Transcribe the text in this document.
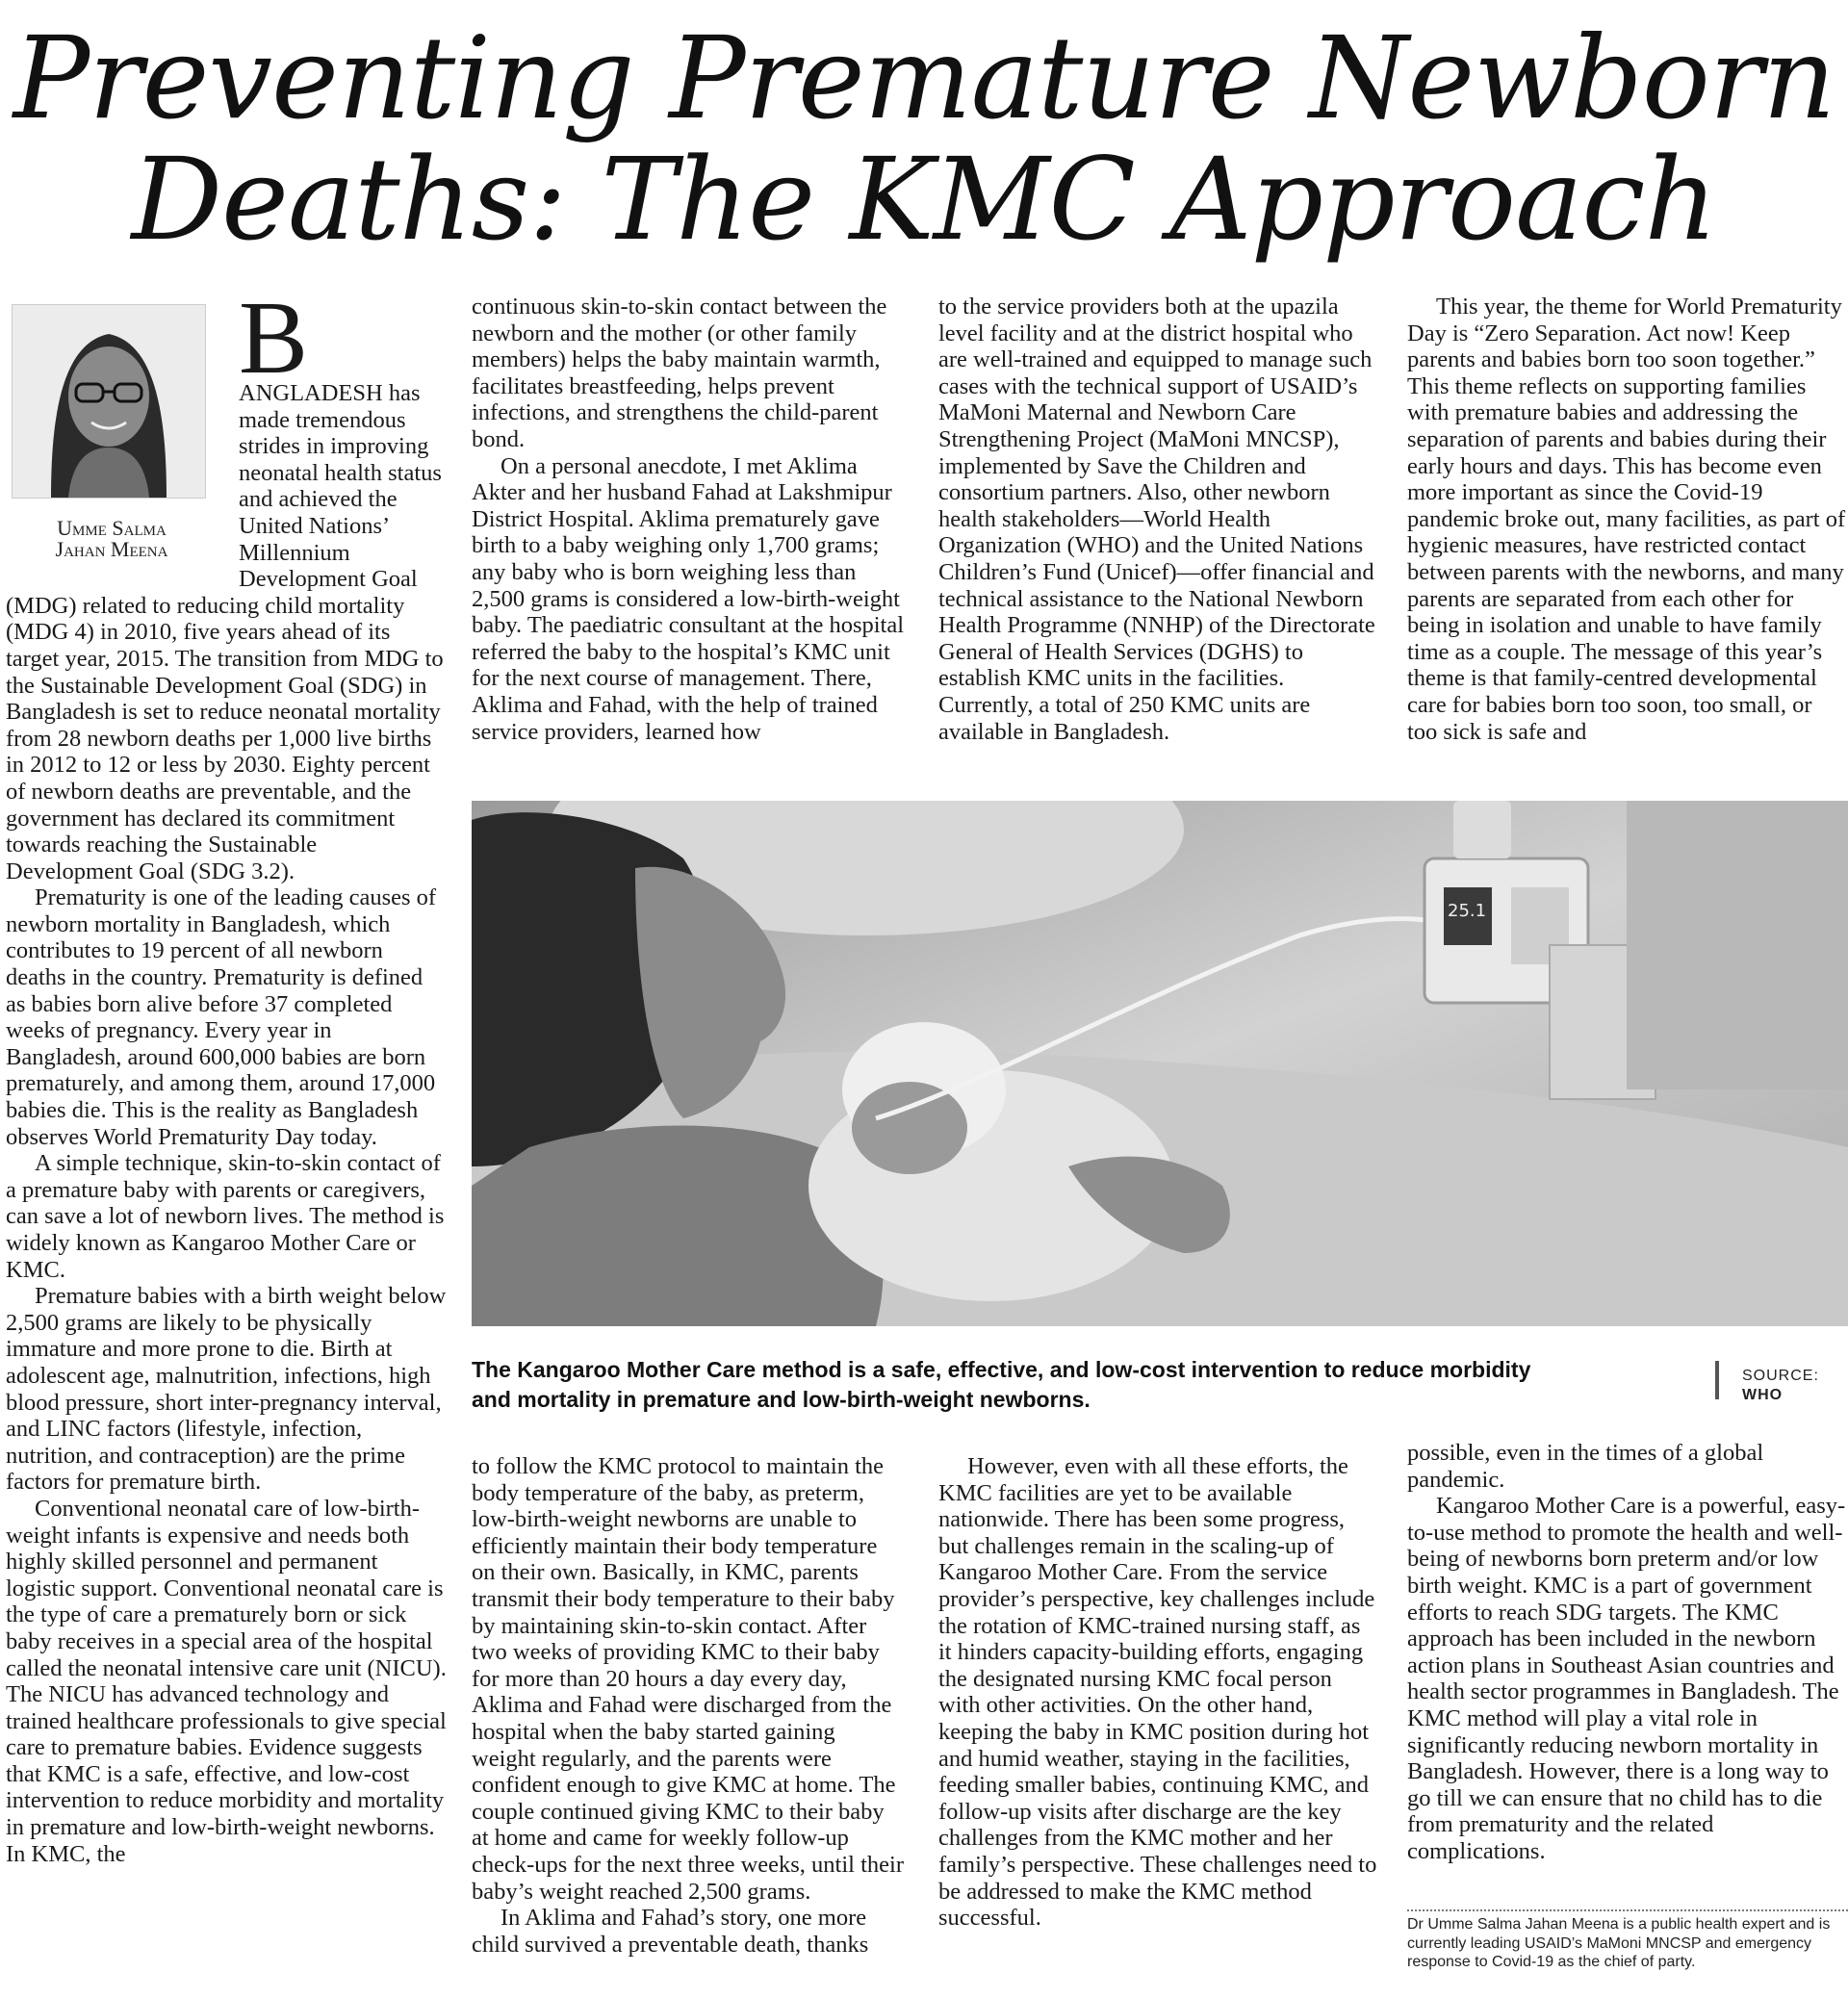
Preventing Premature Newborn
Deaths: The KMC Approach
Umme Salma
Jahan Meena

B
ANGLADESH has made tremendous strides in improving neonatal health status and achieved the United Nations’ Millennium Development Goal (MDG) related to reducing child mortality (MDG 4) in 2010, five years ahead of its target year, 2015. The transition from MDG to the Sustainable Development Goal (SDG) in Bangladesh is set to reduce neonatal mortality from 28 newborn deaths per 1,000 live births in 2012 to 12 or less by 2030. Eighty percent of newborn deaths are preventable, and the government has declared its commitment towards reaching the Sustainable Development Goal (SDG 3.2).

Prematurity is one of the leading causes of newborn mortality in Bangladesh, which contributes to 19 percent of all newborn deaths in the country. Prematurity is defined as babies born alive before 37 completed weeks of pregnancy. Every year in Bangladesh, around 600,000 babies are born prematurely, and among them, around 17,000 babies die. This is the reality as Bangladesh observes World Prematurity Day today.

A simple technique, skin-to-skin contact of a premature baby with parents or caregivers, can save a lot of newborn lives. The method is widely known as Kangaroo Mother Care or KMC.

Premature babies with a birth weight below 2,500 grams are likely to be physically immature and more prone to die. Birth at adolescent age, malnutrition, infections, high blood pressure, short inter-pregnancy interval, and LINC factors (lifestyle, infection, nutrition, and contraception) are the prime factors for premature birth.

Conventional neonatal care of low-birth-weight infants is expensive and needs both highly skilled personnel and permanent logistic support. Conventional neonatal care is the type of care a prematurely born or sick baby receives in a special area of the hospital called the neonatal intensive care unit (NICU). The NICU has advanced technology and trained healthcare professionals to give special care to premature babies. Evidence suggests that KMC is a safe, effective, and low-cost intervention to reduce morbidity and mortality in premature and low-birth-weight newborns. In KMC, the

continuous skin-to-skin contact between the newborn and the mother (or other family members) helps the baby maintain warmth, facilitates breastfeeding, helps prevent infections, and strengthens the child-parent bond.

On a personal anecdote, I met Aklima Akter and her husband Fahad at Lakshmipur District Hospital. Aklima prematurely gave birth to a baby weighing only 1,700 grams; any baby who is born weighing less than 2,500 grams is considered a low-birth-weight baby. The paediatric consultant at the hospital referred the baby to the hospital’s KMC unit for the next course of management. There, Aklima and Fahad, with the help of trained service providers, learned how

to the service providers both at the upazila level facility and at the district hospital who are well-trained and equipped to manage such cases with the technical support of USAID’s MaMoni Maternal and Newborn Care Strengthening Project (MaMoni MNCSP), implemented by Save the Children and consortium partners. Also, other newborn health stakeholders—World Health Organization (WHO) and the United Nations Children’s Fund (Unicef)—offer financial and technical assistance to the National Newborn Health Programme (NNHP) of the Directorate General of Health Services (DGHS) to establish KMC units in the facilities. Currently, a total of 250 KMC units are available in Bangladesh.

This year, the theme for World Prematurity Day is “Zero Separation. Act now! Keep parents and babies born too soon together.” This theme reflects on supporting families with premature babies and addressing the separation of parents and babies during their early hours and days. This has become even more important as since the Covid-19 pandemic broke out, many facilities, as part of hygienic measures, have restricted contact between parents with the newborns, and many parents are separated from each other for being in isolation and unable to have family time as a couple. The message of this year’s theme is that family-centred developmental care for babies born too soon, too small, or too sick is safe and

25.1
The Kangaroo Mother Care method is a safe, effective, and low-cost intervention to reduce morbidity and mortality in premature and low-birth-weight newborns.
SOURCE:
WHO

to follow the KMC protocol to maintain the body temperature of the baby, as preterm, low-birth-weight newborns are unable to efficiently maintain their body temperature on their own. Basically, in KMC, parents transmit their body temperature to their baby by maintaining skin-to-skin contact. After two weeks of providing KMC to their baby for more than 20 hours a day every day, Aklima and Fahad were discharged from the hospital when the baby started gaining weight regularly, and the parents were confident enough to give KMC at home. The couple continued giving KMC to their baby at home and came for weekly follow-up check-ups for the next three weeks, until their baby’s weight reached 2,500 grams.

In Aklima and Fahad’s story, one more child survived a preventable death, thanks

However, even with all these efforts, the KMC facilities are yet to be available nationwide. There has been some progress, but challenges remain in the scaling-up of Kangaroo Mother Care. From the service provider’s perspective, key challenges include the rotation of KMC-trained nursing staff, as it hinders capacity-building efforts, engaging the designated nursing KMC focal person with other activities. On the other hand, keeping the baby in KMC position during hot and humid weather, staying in the facilities, feeding smaller babies, continuing KMC, and follow-up visits after discharge are the key challenges from the KMC mother and her family’s perspective. These challenges need to be addressed to make the KMC method successful.

possible, even in the times of a global pandemic.

Kangaroo Mother Care is a powerful, easy-to-use method to promote the health and well-being of newborns born preterm and/or low birth weight. KMC is a part of government efforts to reach SDG targets. The KMC approach has been included in the newborn action plans in Southeast Asian countries and health sector programmes in Bangladesh. The KMC method will play a vital role in significantly reducing newborn mortality in Bangladesh. However, there is a long way to go till we can ensure that no child has to die from prematurity and the related complications.

Dr Umme Salma Jahan Meena is a public health expert and is currently leading USAID’s MaMoni MNCSP and emergency response to Covid-19 as the chief of party.
